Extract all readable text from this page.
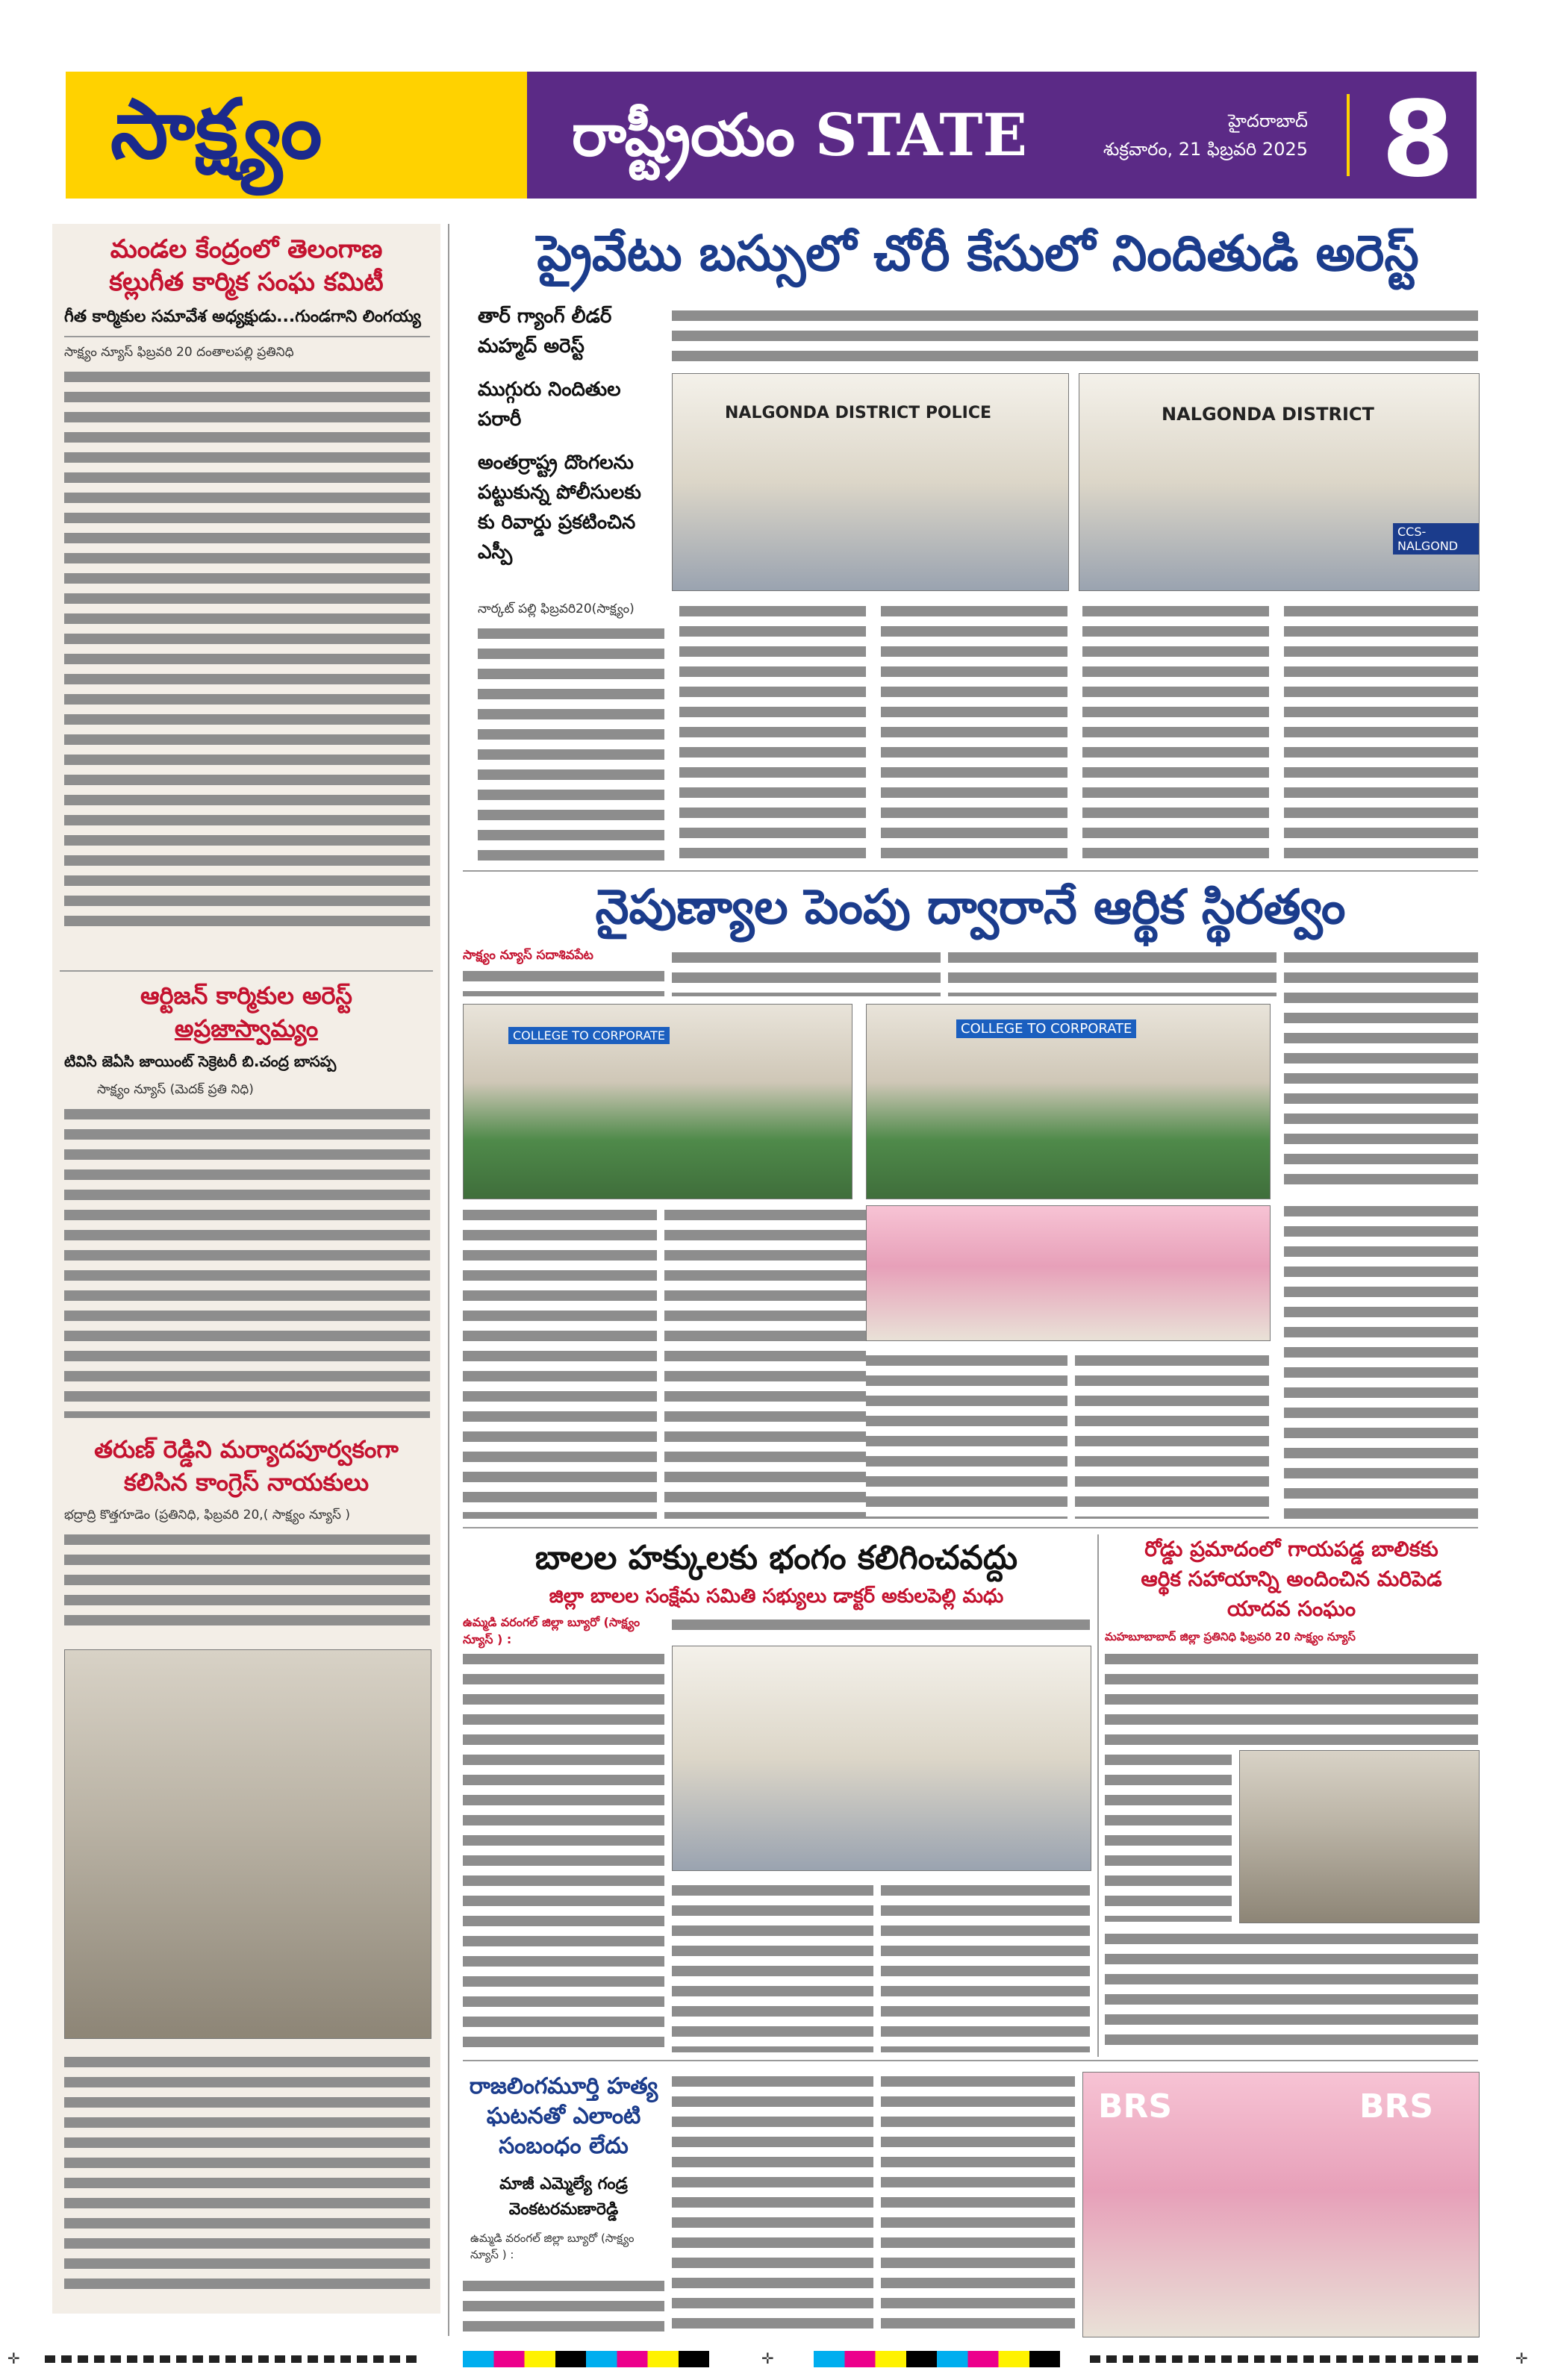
సాక్ష్యం	రాష్ట్రీయం STATE	హైదరాబాద్
శుక్రవారం, 21 ఫిబ్రవరి 2025 8
మండల కేంద్రంలో తెలంగాణ
కల్లుగీత కార్మిక సంఘ కమిటీ
గీత కార్మికుల సమావేశ అధ్యక్షుడు...గుండగాని లింగయ్య
సాక్ష్యం న్యూస్ ఫిబ్రవరి 20 దంతాలపల్లి ప్రతినిధి
ఆర్టిజన్ కార్మికుల అరెస్ట్
అప్రజాస్వామ్యం
టివిసి జెఏసి జాయింట్ సెక్రెటరీ బి.చంద్ర బాసప్ప
సాక్ష్యం న్యూస్ (మెదక్ ప్రతి నిధి)
తరుణ్ రెడ్డిని మర్యాదపూర్వకంగా
కలిసిన కాంగ్రెస్ నాయకులు
భద్రాద్రి కొత్తగూడెం (ప్రతినిధి, ఫిబ్రవరి 20,( సాక్ష్యం న్యూస్ )
ప్రైవేటు బస్సులో చోరీ కేసులో నిందితుడి అరెస్ట్
తార్ గ్యాంగ్ లీడర్ మహ్మద్ అరెస్ట్
ముగ్గురు నిందితుల పరారీ
అంతర్రాష్ట్ర దొంగలను పట్టుకున్న పోలీసులకు కు రివార్డు ప్రకటించిన ఎస్పీ
NALGONDA DISTRICT POLICE	NALGONDA DISTRICT
CCS-NALGOND
నార్కట్ పల్లి ఫిబ్రవరి20(సాక్ష్యం)
నైపుణ్యాల పెంపు ద్వారానే ఆర్థిక స్థిరత్వం
సాక్ష్యం న్యూస్ సదాశివపేట
COLLEGE TO CORPORATE	COLLEGE TO CORPORATE
బాలల హక్కులకు భంగం కలిగించవద్దు
జిల్లా బాలల సంక్షేమ సమితి సభ్యులు డాక్టర్ అకులపెల్లి మధు
ఉమ్మడి వరంగల్ జిల్లా బ్యూరో (సాక్ష్యం న్యూస్ ) :
రోడ్డు ప్రమాదంలో గాయపడ్డ బాలికకు
ఆర్థిక సహాయాన్ని అందించిన మరిపెడ
యాదవ సంఘం
మహబూబాబాద్ జిల్లా ప్రతినిధి ఫిబ్రవరి 20 సాక్ష్యం న్యూస్
రాజలింగమూర్తి హత్య
ఘటనతో ఎలాంటి
సంబంధం లేదు
మాజీ ఎమ్మెల్యే గండ్ర
వెంకటరమణారెడ్డి
ఉమ్మడి వరంగల్ జిల్లా బ్యూరో (సాక్ష్యం న్యూస్ ) :
BRS	BRS
✛	✛	✛
